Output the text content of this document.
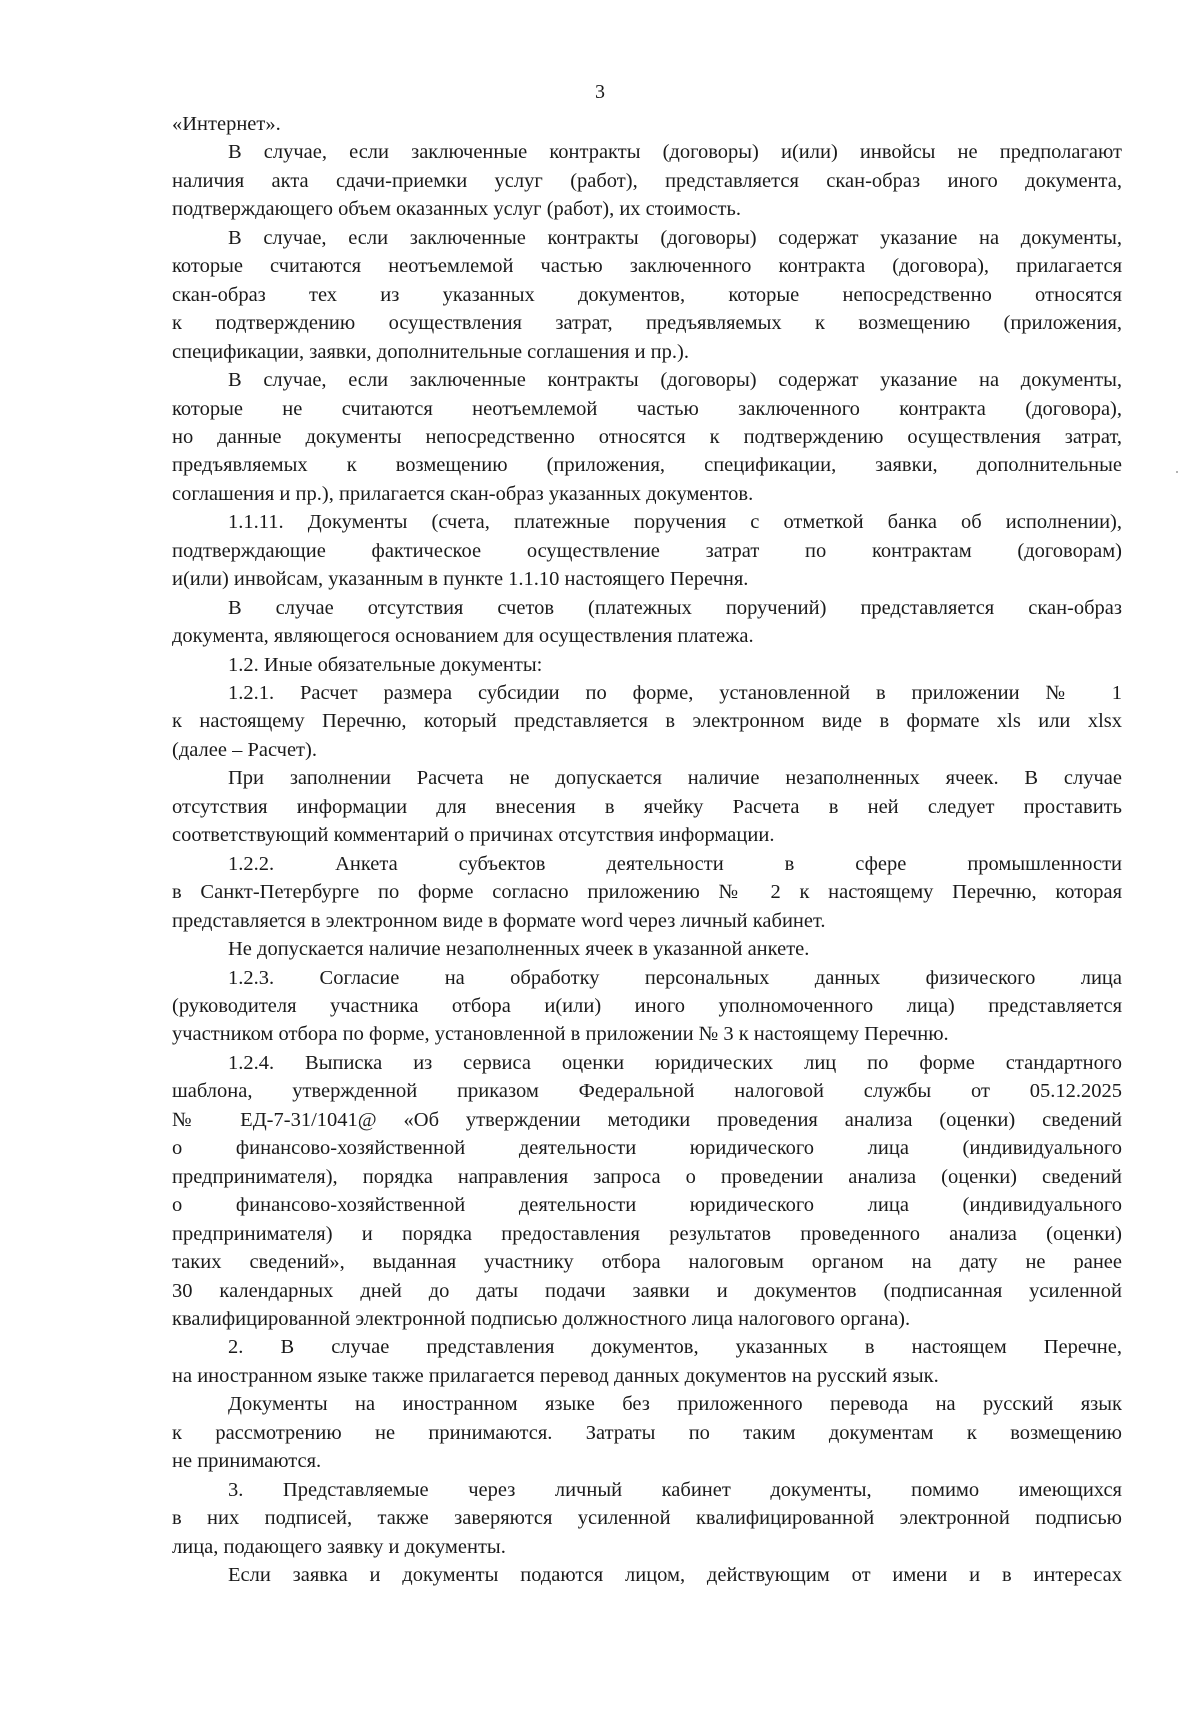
3
«Интернет».
В случае, если заключенные контракты (договоры) и(или) инвойсы не предполагают
наличия акта сдачи-приемки услуг (работ), представляется скан-образ иного документа,
подтверждающего объем оказанных услуг (работ), их стоимость.
В случае, если заключенные контракты (договоры) содержат указание на документы,
которые считаются неотъемлемой частью заключенного контракта (договора), прилагается
скан-образ тех из указанных документов, которые непосредственно относятся
к подтверждению осуществления затрат, предъявляемых к возмещению (приложения,
спецификации, заявки, дополнительные соглашения и пр.).
В случае, если заключенные контракты (договоры) содержат указание на документы,
которые не считаются неотъемлемой частью заключенного контракта (договора),
но данные документы непосредственно относятся к подтверждению осуществления затрат,
предъявляемых к возмещению (приложения, спецификации, заявки, дополнительные
соглашения и пр.), прилагается скан-образ указанных документов.
1.1.11. Документы (счета, платежные поручения с отметкой банка об исполнении),
подтверждающие фактическое осуществление затрат по контрактам (договорам)
и(или) инвойсам, указанным в пункте 1.1.10 настоящего Перечня.
В случае отсутствия счетов (платежных поручений) представляется скан-образ
документа, являющегося основанием для осуществления платежа.
1.2. Иные обязательные документы:
1.2.1. Расчет размера субсидии по форме, установленной в приложении № 1
к настоящему Перечню, который представляется в электронном виде в формате xls или xlsx
(далее – Расчет).
При заполнении Расчета не допускается наличие незаполненных ячеек. В случае
отсутствия информации для внесения в ячейку Расчета в ней следует проставить
соответствующий комментарий о причинах отсутствия информации.
1.2.2. Анкета субъектов деятельности в сфере промышленности
в Санкт-Петербурге по форме согласно приложению № 2 к настоящему Перечню, которая
представляется в электронном виде в формате word через личный кабинет.
Не допускается наличие незаполненных ячеек в указанной анкете.
1.2.3. Согласие на обработку персональных данных физического лица
(руководителя участника отбора и(или) иного уполномоченного лица) представляется
участником отбора по форме, установленной в приложении № 3 к настоящему Перечню.
1.2.4. Выписка из сервиса оценки юридических лиц по форме стандартного
шаблона, утвержденной приказом Федеральной налоговой службы от 05.12.2025
№ ЕД-7-31/1041@ «Об утверждении методики проведения анализа (оценки) сведений
о финансово-хозяйственной деятельности юридического лица (индивидуального
предпринимателя), порядка направления запроса о проведении анализа (оценки) сведений
о финансово-хозяйственной деятельности юридического лица (индивидуального
предпринимателя) и порядка предоставления результатов проведенного анализа (оценки)
таких сведений», выданная участнику отбора налоговым органом на дату не ранее
30 календарных дней до даты подачи заявки и документов (подписанная усиленной
квалифицированной электронной подписью должностного лица налогового органа).
2. В случае представления документов, указанных в настоящем Перечне,
на иностранном языке также прилагается перевод данных документов на русский язык.
Документы на иностранном языке без приложенного перевода на русский язык
к рассмотрению не принимаются. Затраты по таким документам к возмещению
не принимаются.
3. Представляемые через личный кабинет документы, помимо имеющихся
в них подписей, также заверяются усиленной квалифицированной электронной подписью
лица, подающего заявку и документы.
Если заявка и документы подаются лицом, действующим от имени и в интересах
